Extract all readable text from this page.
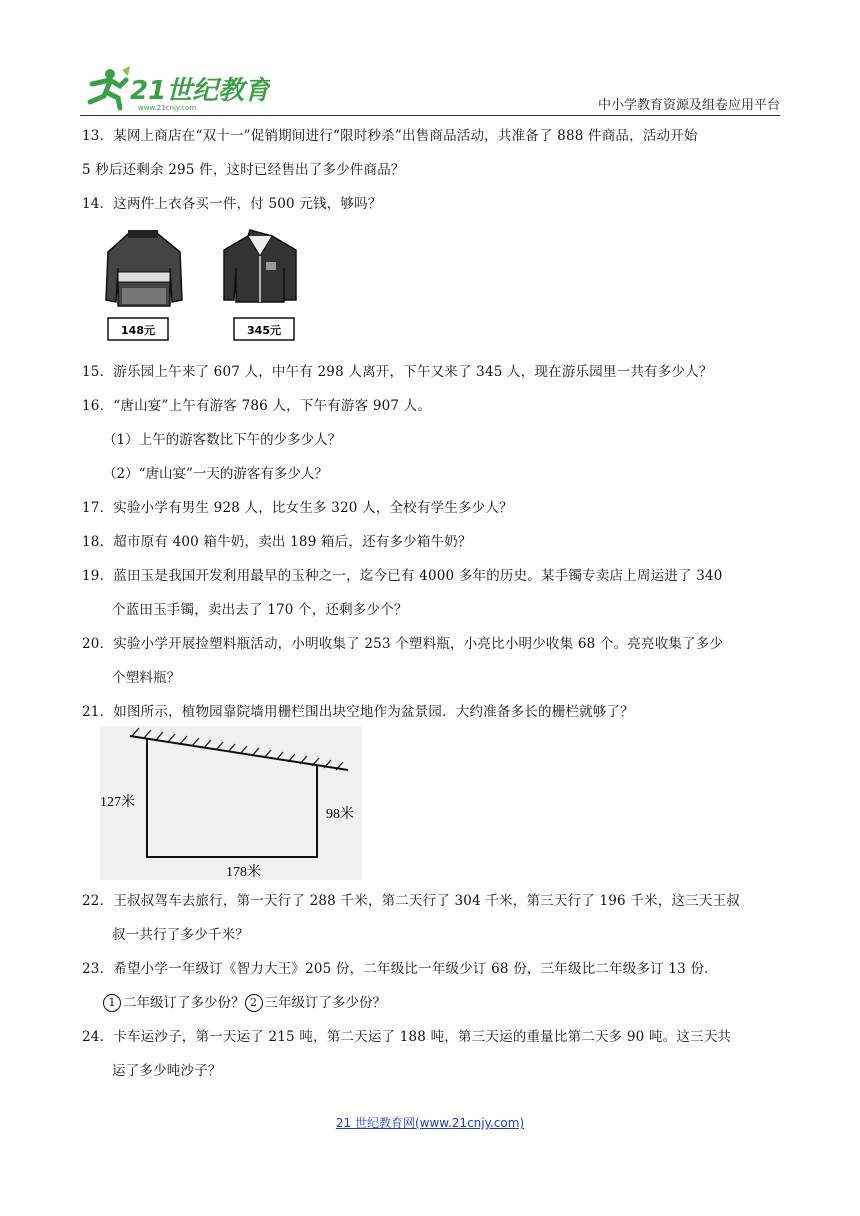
21世纪教育
www.21cnjy.com	中小学教育资源及组卷应用平台
13．某网上商店在“双十一”促销期间进行“限时秒杀”出售商品活动，共准备了 888 件商品，活动开始
5 秒后还剩余 295 件，这时已经售出了多少件商品？
14．这两件上衣各买一件，付 500 元钱，够吗？
148元	345元
15．游乐园上午来了 607 人，中午有 298 人离开，下午又来了 345 人，现在游乐园里一共有多少人？
16．“唐山宴”上午有游客 786 人，下午有游客 907 人。
（1）上午的游客数比下午的少多少人？
（2）“唐山宴”一天的游客有多少人？
17．实验小学有男生 928 人，比女生多 320 人，全校有学生多少人？
18．超市原有 400 箱牛奶，卖出 189 箱后，还有多少箱牛奶？
19．蓝田玉是我国开发利用最早的玉种之一，迄今已有 4000 多年的历史。某手镯专卖店上周运进了 340
个蓝田玉手镯，卖出去了 170 个，还剩多少个？
20．实验小学开展捡塑料瓶活动，小明收集了 253 个塑料瓶，小亮比小明少收集 68 个。亮亮收集了多少
个塑料瓶？
21．如图所示，植物园靠院墙用栅栏围出块空地作为盆景园．大约准备多长的栅栏就够了？
127米
98米
178米
22．王叔叔驾车去旅行，第一天行了 288 千米，第二天行了 304 千米，第三天行了 196 千米，这三天王叔
叔一共行了多少千米？
23．希望小学一年级订《智力大王》205 份，二年级比一年级少订 68 份，三年级比二年级多订 13 份．
1 二年级订了多少份？ 2 三年级订了多少份？
24．卡车运沙子，第一天运了 215 吨，第二天运了 188 吨，第三天运的重量比第二天多 90 吨。这三天共
运了多少吨沙子？
21 世纪教育网(www.21cnjy.com)
